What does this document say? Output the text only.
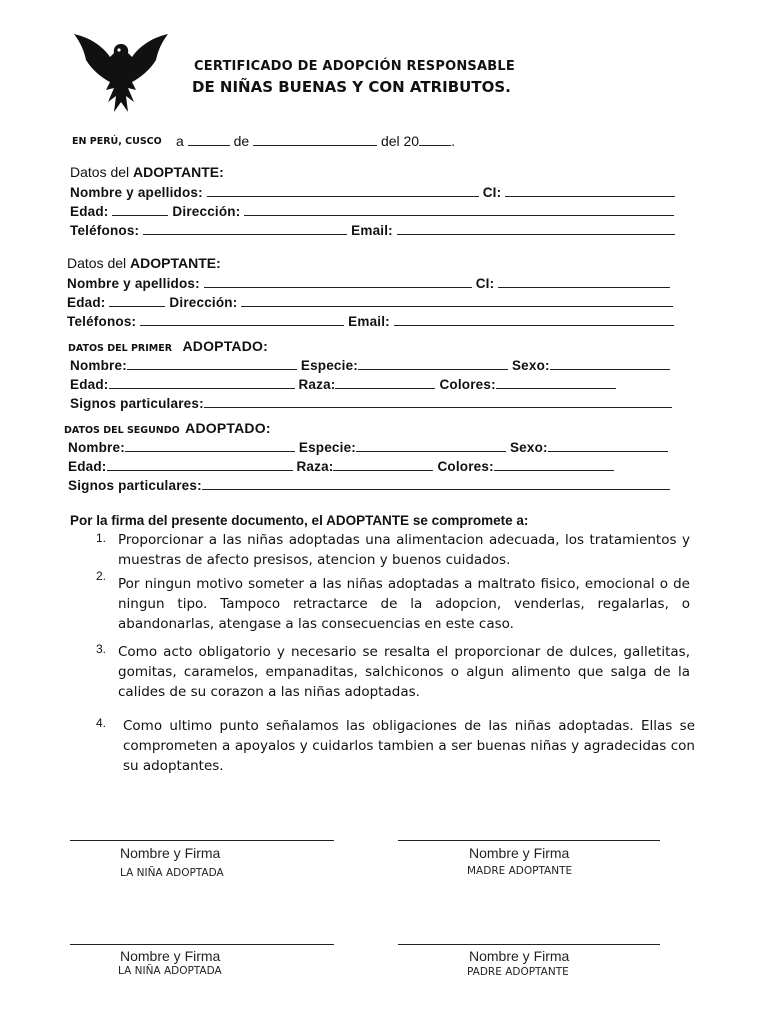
CERTIFICADO DE ADOPCIÓN RESPONSABLE
DE NIÑAS BUENAS Y CON ATRIBUTOS.
EN PERÚ, CUSCO a	de	del 20 .
Datos del ADOPTANTE:
Nombre y apellidos:	CI:
Edad:	Dirección:
Teléfonos:	Email:
Datos del ADOPTANTE:
Nombre y apellidos:	CI:
Edad:	Dirección:
Teléfonos:	Email:
DATOS DEL PRIMER ADOPTADO:
Nombre:	Especie:	Sexo:
Edad:	Raza:	Colores:
Signos particulares:
DATOS DEL SEGUNDO ADOPTADO:
Nombre:	Especie:	Sexo:
Edad:	Raza:	Colores:
Signos particulares:
Por la firma del presente documento, el ADOPTANTE se compromete a:
1. Proporcionar a las niñas adoptadas una alimentacion adecuada, los tratamientos y muestras de afecto presisos, atencion y buenos cuidados.
2. Por ningun motivo someter a las niñas adoptadas a maltrato fisico, emocional o de ningun tipo. Tampoco retractarce de la adopcion, venderlas, regalarlas, o abandonarlas, atengase a las consecuencias en este caso.
3. Como acto obligatorio y necesario se resalta el proporcionar de dulces, galletitas, gomitas, caramelos, empanaditas, salchiconos o algun alimento que salga de la calides de su corazon a las niñas adoptadas.
4. Como ultimo punto señalamos las obligaciones de las niñas adoptadas. Ellas se comprometen a apoyalos y cuidarlos tambien a ser buenas niñas y agradecidas con su adoptantes.
Nombre y Firma
LA NIÑA ADOPTADA
Nombre y Firma
MADRE ADOPTANTE
Nombre y Firma
LA NIÑA ADOPTADA
Nombre y Firma
PADRE ADOPTANTE
